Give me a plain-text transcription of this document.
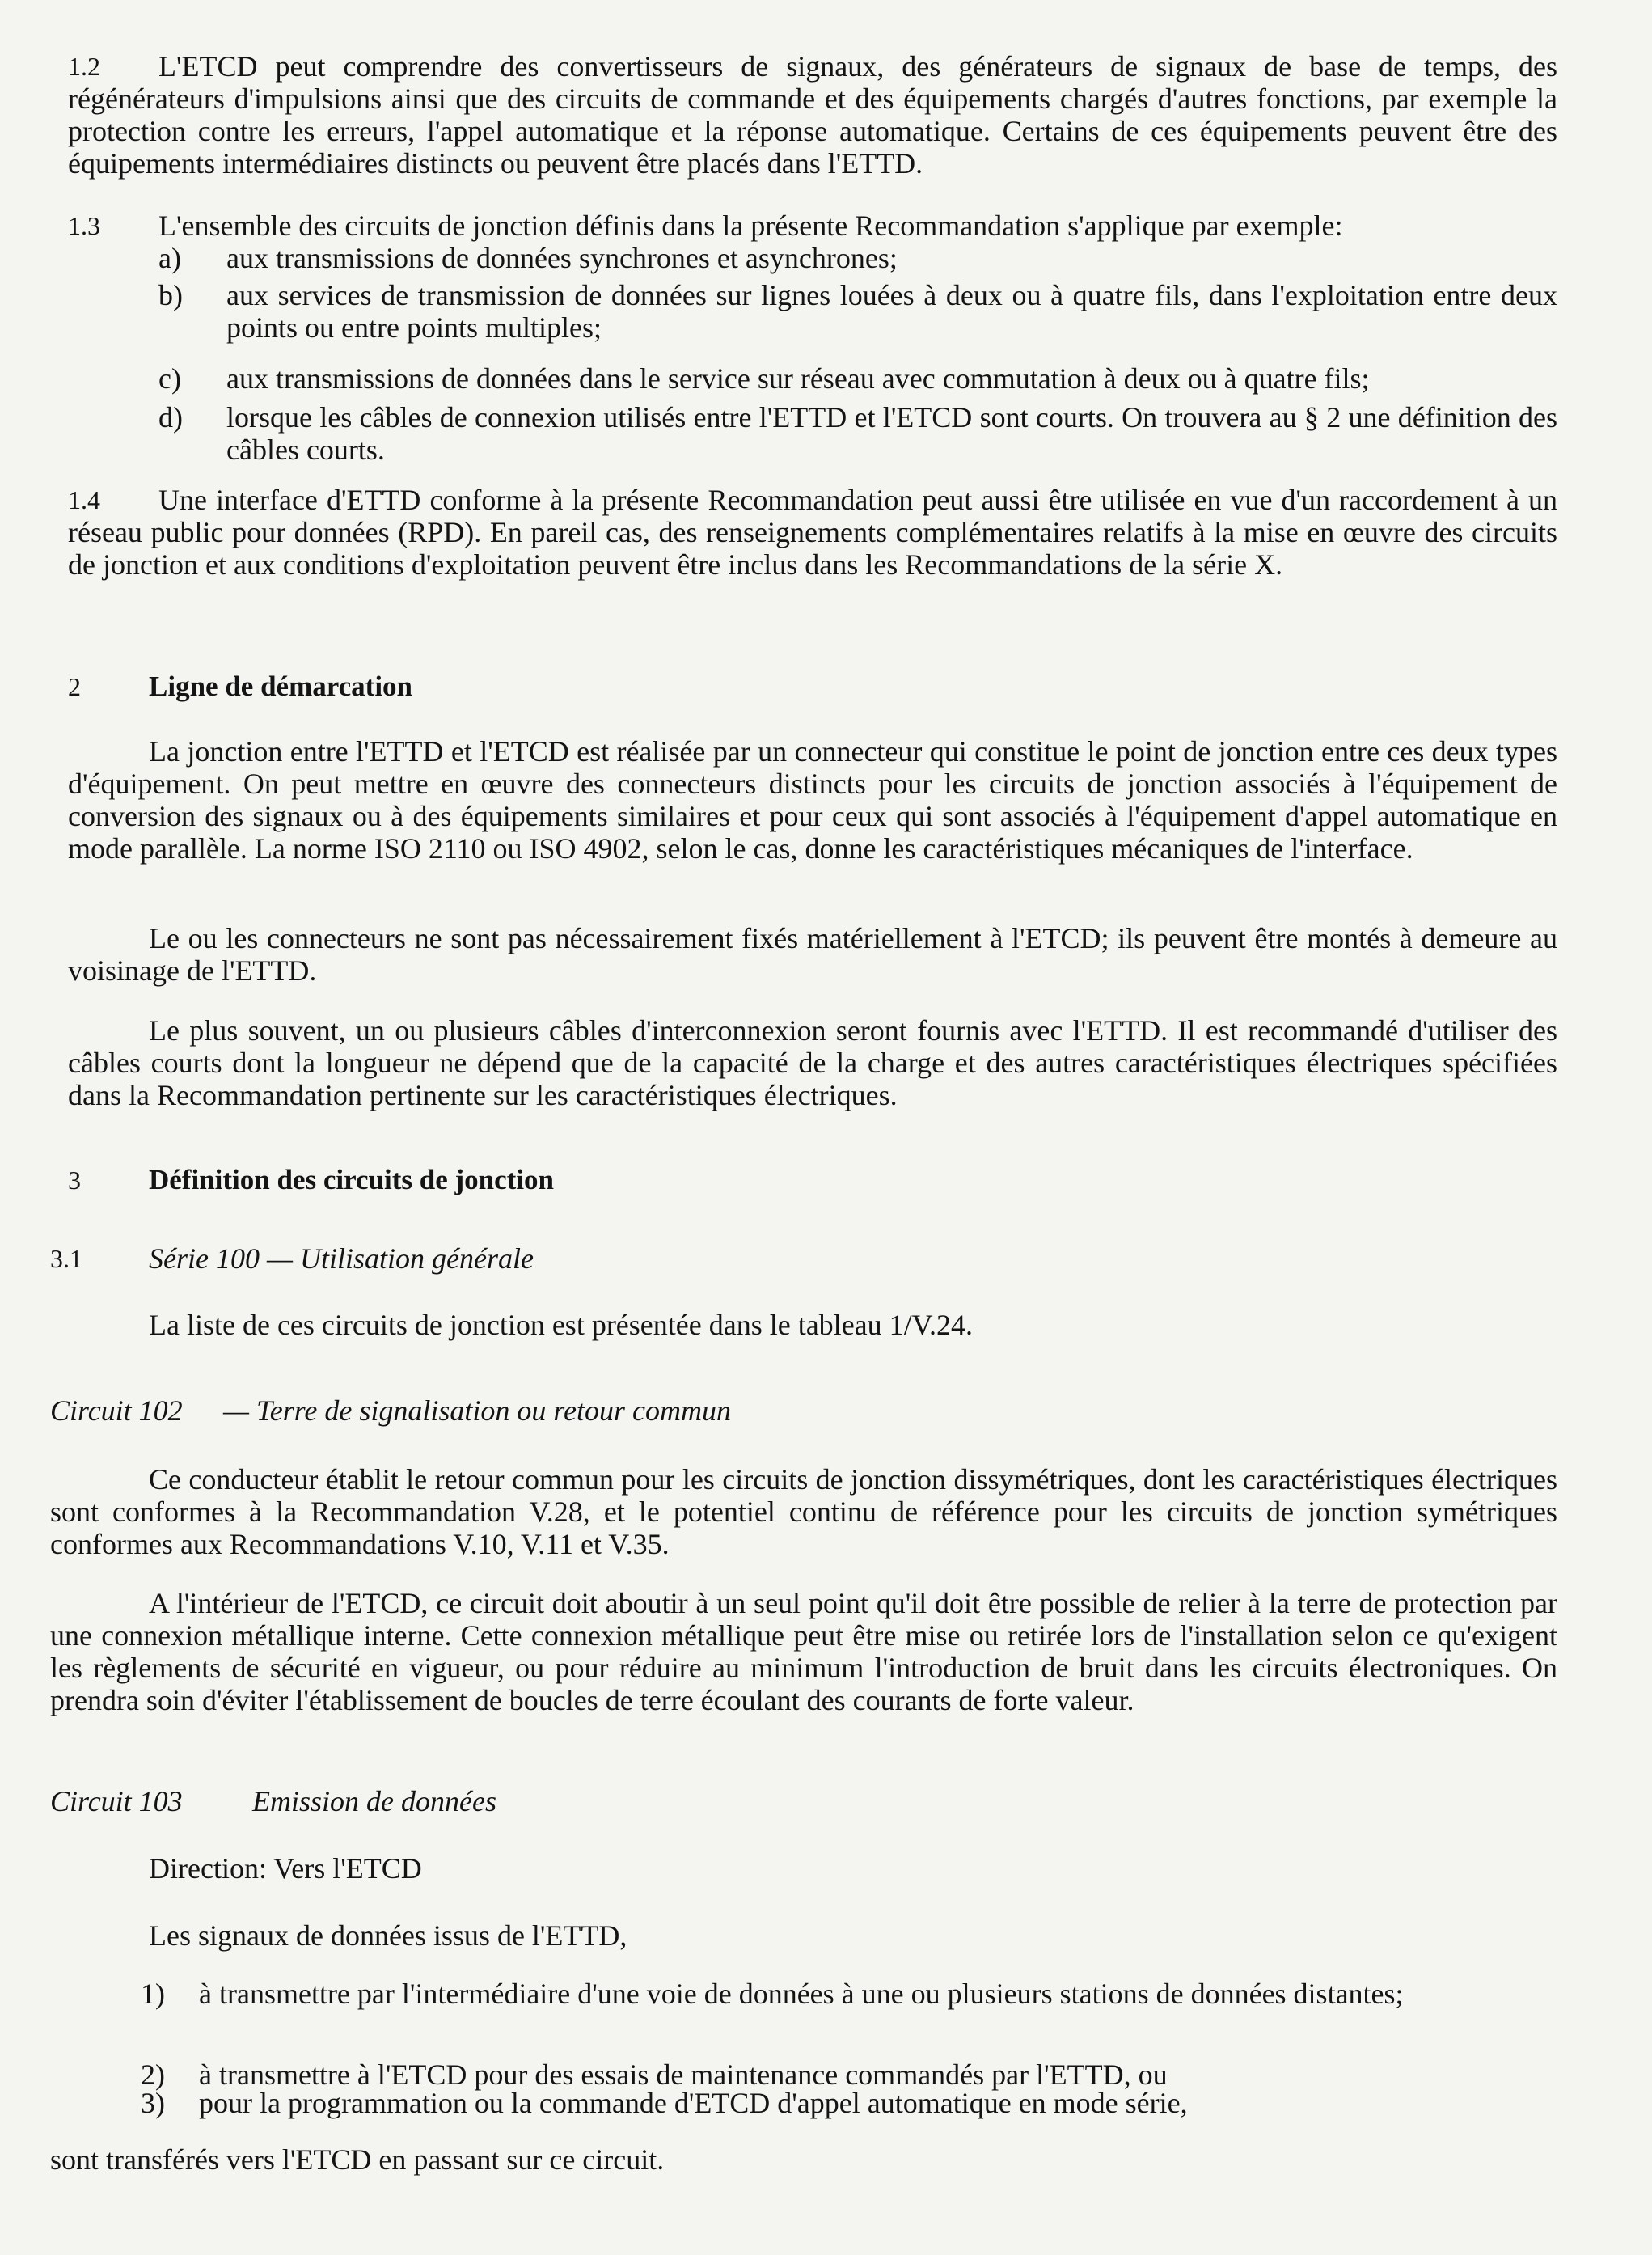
1.2	L'ETCD peut comprendre des convertisseurs de signaux, des générateurs de signaux de base de temps, des régénérateurs d'impulsions ainsi que des circuits de commande et des équipements chargés d'autres fonctions, par exemple la protection contre les erreurs, l'appel automatique et la réponse automatique. Certains de ces équipements peuvent être des équipements intermédiaires distincts ou peuvent être placés dans l'ETTD.
1.3 L'ensemble des circuits de jonction définis dans la présente Recommandation s'applique par exemple:
a) aux transmissions de données synchrones et asynchrones;
b) aux services de transmission de données sur lignes louées à deux ou à quatre fils, dans l'exploitation entre deux points ou entre points multiples;
c) aux transmissions de données dans le service sur réseau avec commutation à deux ou à quatre fils;
d) lorsque les câbles de connexion utilisés entre l'ETTD et l'ETCD sont courts. On trouvera au § 2 une définition des câbles courts.
1.4	Une interface d'ETTD conforme à la présente Recommandation peut aussi être utilisée en vue d'un raccordement à un réseau public pour données (RPD). En pareil cas, des renseignements complémentaires relatifs à la mise en œuvre des circuits de jonction et aux conditions d'exploitation peuvent être inclus dans les Recommandations de la série X.
2 Ligne de démarcation
La jonction entre l'ETTD et l'ETCD est réalisée par un connecteur qui constitue le point de jonction entre ces deux types d'équipement. On peut mettre en œuvre des connecteurs distincts pour les circuits de jonction associés à l'équipement de conversion des signaux ou à des équipements similaires et pour ceux qui sont associés à l'équipement d'appel automatique en mode parallèle. La norme ISO 2110 ou ISO 4902, selon le cas, donne les caractéristiques mécaniques de l'interface.
Le ou les connecteurs ne sont pas nécessairement fixés matériellement à l'ETCD; ils peuvent être montés à demeure au voisinage de l'ETTD.
Le plus souvent, un ou plusieurs câbles d'interconnexion seront fournis avec l'ETTD. Il est recommandé d'utiliser des câbles courts dont la longueur ne dépend que de la capacité de la charge et des autres caractéristiques électriques spécifiées dans la Recommandation pertinente sur les caractéristiques électriques.
3 Définition des circuits de jonction
3.1 Série 100 — Utilisation générale
La liste de ces circuits de jonction est présentée dans le tableau 1/V.24.
Circuit 102 — Terre de signalisation ou retour commun
Ce conducteur établit le retour commun pour les circuits de jonction dissymétriques, dont les caractéristiques électriques sont conformes à la Recommandation V.28, et le potentiel continu de référence pour les circuits de jonction symétriques conformes aux Recommandations V.10, V.11 et V.35.
A l'intérieur de l'ETCD, ce circuit doit aboutir à un seul point qu'il doit être possible de relier à la terre de protection par une connexion métallique interne. Cette connexion métallique peut être mise ou retirée lors de l'installation selon ce qu'exigent les règlements de sécurité en vigueur, ou pour réduire au minimum l'introduction de bruit dans les circuits électroniques. On prendra soin d'éviter l'établissement de boucles de terre écoulant des courants de forte valeur.
Circuit 103 Emission de données
Direction: Vers l'ETCD
Les signaux de données issus de l'ETTD,
1) à transmettre par l'intermédiaire d'une voie de données à une ou plusieurs stations de données distantes;
2) à transmettre à l'ETCD pour des essais de maintenance commandés par l'ETTD, ou
3) pour la programmation ou la commande d'ETCD d'appel automatique en mode série,
sont transférés vers l'ETCD en passant sur ce circuit.
